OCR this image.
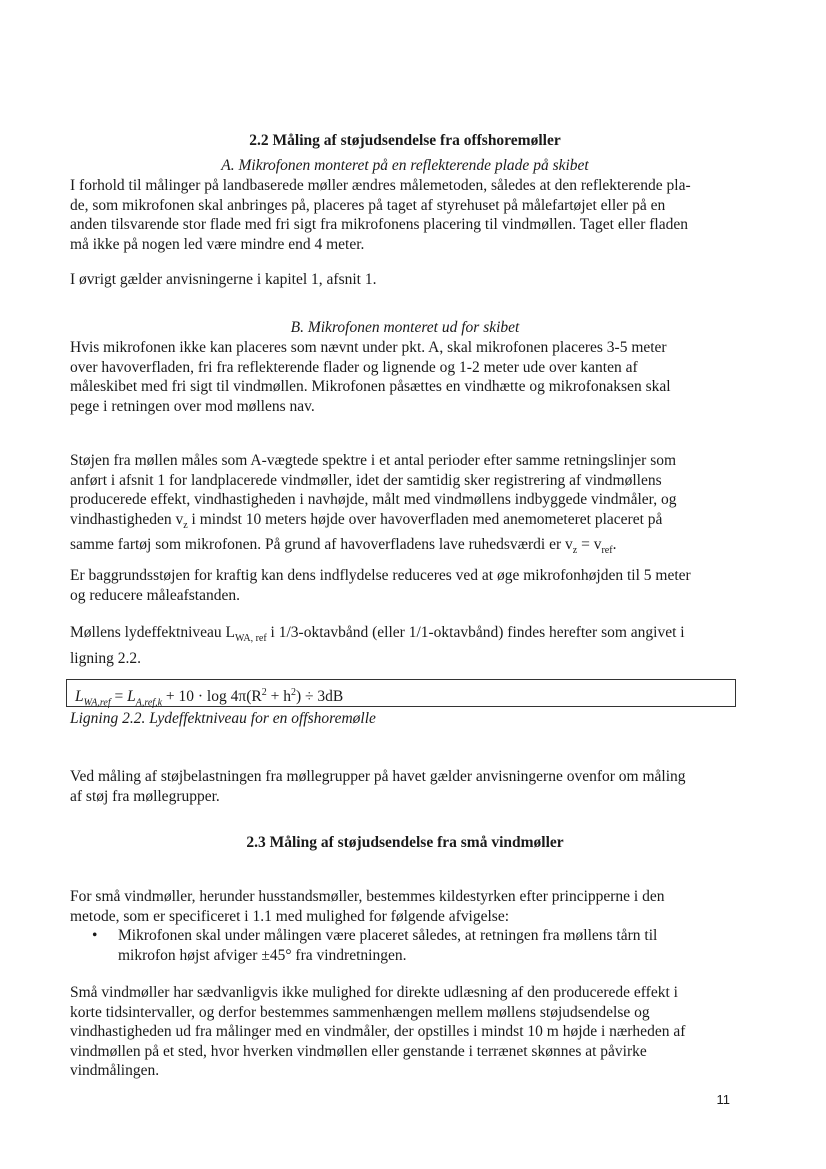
2.2 Måling af støjudsendelse fra offshoremøller
A. Mikrofonen monteret på en reflekterende plade på skibet
I forhold til målinger på landbaserede møller ændres målemetoden, således at den reflekterende pla-
de, som mikrofonen skal anbringes på, placeres på taget af styrehuset på målefartøjet eller på en
anden tilsvarende stor flade med fri sigt fra mikrofonens placering til vindmøllen. Taget eller fladen
må ikke på nogen led være mindre end 4 meter.
I øvrigt gælder anvisningerne i kapitel 1, afsnit 1.
B. Mikrofonen monteret ud for skibet
Hvis mikrofonen ikke kan placeres som nævnt under pkt. A, skal mikrofonen placeres 3-5 meter
over havoverfladen, fri fra reflekterende flader og lignende og 1-2 meter ude over kanten af
måleskibet med fri sigt til vindmøllen. Mikrofonen påsættes en vindhætte og mikrofonaksen skal
pege i retningen over mod møllens nav.
Støjen fra møllen måles som A-vægtede spektre i et antal perioder efter samme retningslinjer som
anført i afsnit 1 for landplacerede vindmøller, idet der samtidig sker registrering af vindmøllens
producerede effekt, vindhastigheden i navhøjde, målt med vindmøllens indbyggede vindmåler, og
vindhastigheden $v_z$ i mindst 10 meters højde over havoverfladen med anemometeret placeret på
samme fartøj som mikrofonen. På grund af havoverfladens lave ruhedsværdi er $v_z = v_{ref}$.
Er baggrundsstøjen for kraftig kan dens indflydelse reduceres ved at øge mikrofonhøjden til 5 meter
og reducere måleafstanden.
Møllens lydeffektniveau $L_{WA, ref}$ i 1/3-oktavbånd (eller 1/1-oktavbånd) findes herefter som angivet i
ligning 2.2.
$L_{WA,ref} = L_{A,ref,k} + 10 \cdot \log 4\pi(R^2 + h^2) \div 3dB$
Ligning 2.2. Lydeffektniveau for en offshoremølle
Ved måling af støjbelastningen fra møllegrupper på havet gælder anvisningerne ovenfor om måling
af støj fra møllegrupper.
2.3 Måling af støjudsendelse fra små vindmøller
For små vindmøller, herunder husstandsmøller, bestemmes kildestyrken efter principperne i den
metode, som er specificeret i 1.1 med mulighed for følgende afvigelse:
• Mikrofonen skal under målingen være placeret således, at retningen fra møllens tårn til
mikrofon højst afviger ±45° fra vindretningen.
Små vindmøller har sædvanligvis ikke mulighed for direkte udlæsning af den producerede effekt i
korte tidsintervaller, og derfor bestemmes sammenhængen mellem møllens støjudsendelse og
vindhastigheden ud fra målinger med en vindmåler, der opstilles i mindst 10 m højde i nærheden af
vindmøllen på et sted, hvor hverken vindmøllen eller genstande i terrænet skønnes at påvirke
vindmålingen.
11
